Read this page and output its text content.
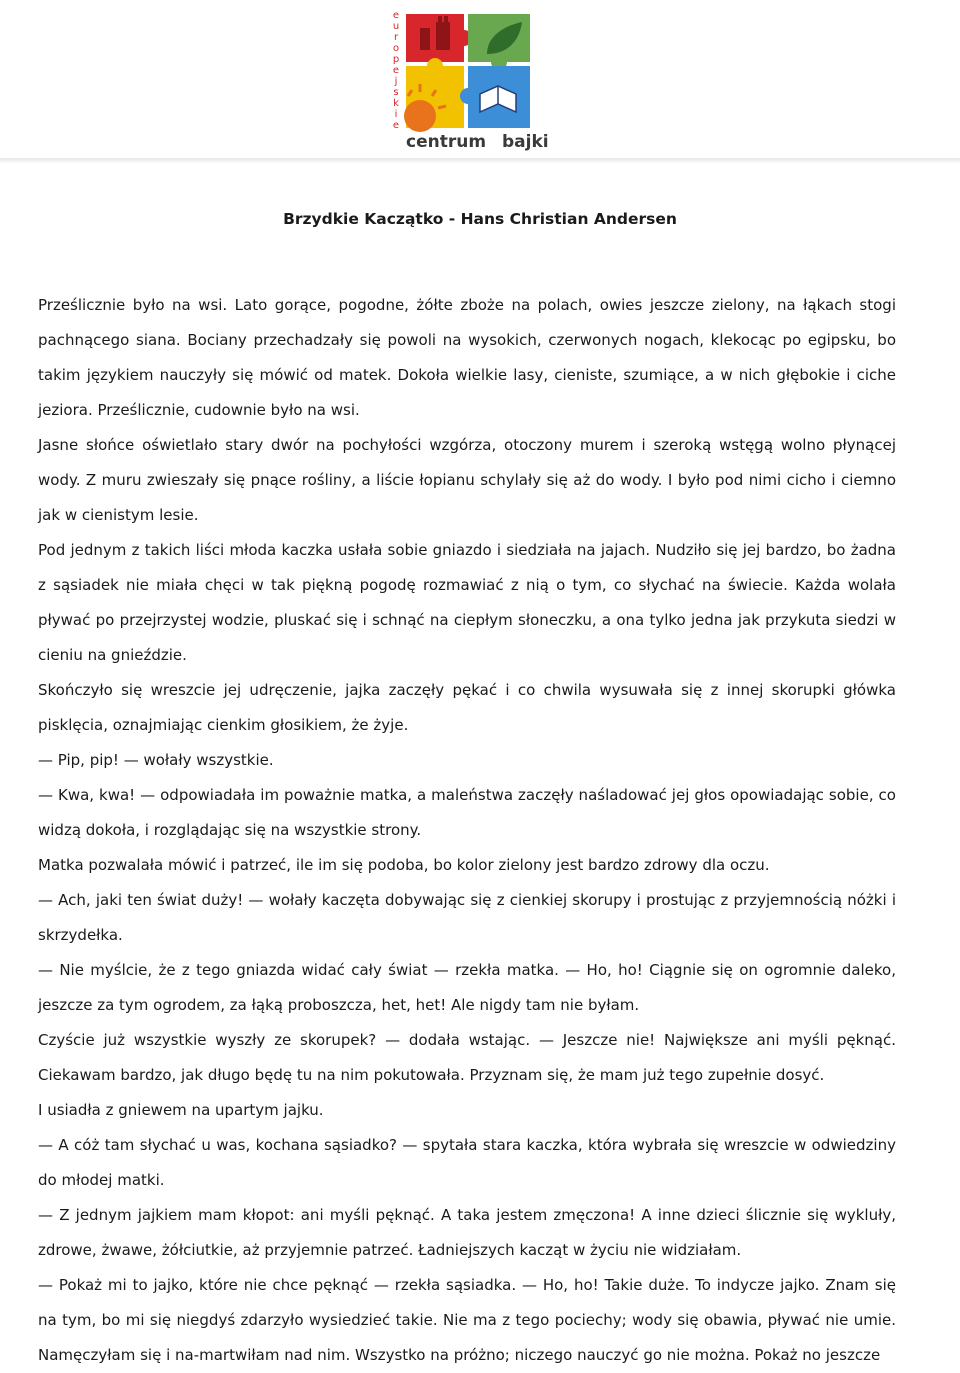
e
u
r
o
p
e
j
s
k
i
e
centrum bajki
Brzydkie Kaczątko - Hans Christian Andersen

Prześlicznie było na wsi. Lato gorące, pogodne, żółte zboże na polach, owies jeszcze zielony, na łąkach stogi pachnącego siana. Bociany przechadzały się powoli na wysokich, czerwonych nogach, klekocąc po egipsku, bo takim językiem nauczyły się mówić od matek. Dokoła wielkie lasy, cieniste, szumiące, a w nich głębokie i ciche jeziora. Prześlicznie, cudownie było na wsi.

Jasne słońce oświetlało stary dwór na pochyłości wzgórza, otoczony murem i szeroką wstęgą wolno płynącej wody. Z muru zwieszały się pnące rośliny, a liście łopianu schylały się aż do wody. I było pod nimi cicho i ciemno jak w cienistym lesie.

Pod jednym z takich liści młoda kaczka usłała sobie gniazdo i siedziała na jajach. Nudziło się jej bardzo, bo żadna z sąsiadek nie miała chęci w tak piękną pogodę rozmawiać z nią o tym, co słychać na świecie. Każda wolała pływać po przejrzystej wodzie, pluskać się i schnąć na ciepłym słoneczku, a ona tylko jedna jak przykuta siedzi w cieniu na gnieździe.

Skończyło się wreszcie jej udręczenie, jajka zaczęły pękać i co chwila wysuwała się z innej skorupki główka pisklęcia, oznajmiając cienkim głosikiem, że żyje.

— Pip, pip! — wołały wszystkie.

— Kwa, kwa! — odpowiadała im poważnie matka, a maleństwa zaczęły naśladować jej głos opowiadając sobie, co widzą dokoła, i rozglądając się na wszystkie strony.

Matka pozwalała mówić i patrzeć, ile im się podoba, bo kolor zielony jest bardzo zdrowy dla oczu.

— Ach, jaki ten świat duży! — wołały kaczęta dobywając się z cienkiej skorupy i prostując z przyjemnością nóżki i skrzydełka.

— Nie myślcie, że z tego gniazda widać cały świat — rzekła matka. — Ho, ho! Ciągnie się on ogromnie daleko, jeszcze za tym ogrodem, za łąką proboszcza, het, het! Ale nigdy tam nie byłam.

Czyście już wszystkie wyszły ze skorupek? — dodała wstając. — Jeszcze nie! Największe ani myśli pęknąć. Ciekawam bardzo, jak długo będę tu na nim pokutowała. Przyznam się, że mam już tego zupełnie dosyć.

I usiadła z gniewem na upartym jajku.

— A cóż tam słychać u was, kochana sąsiadko? — spytała stara kaczka, która wybrała się wreszcie w odwiedziny do młodej matki.

— Z jednym jajkiem mam kłopot: ani myśli pęknąć. A taka jestem zmęczona! A inne dzieci ślicznie się wykluły, zdrowe, żwawe, żółciutkie, aż przyjemnie patrzeć. Ładniejszych kacząt w życiu nie widziałam.

— Pokaż mi to jajko, które nie chce pęknąć — rzekła sąsiadka. — Ho, ho! Takie duże. To indycze jajko. Znam się na tym, bo mi się niegdyś zdarzyło wysiedzieć takie. Nie ma z tego pociechy; wody się obawia, pływać nie umie. Namęczyłam się i na-martwiłam nad nim. Wszystko na próżno; niczego nauczyć go nie można. Pokaż no jeszcze
